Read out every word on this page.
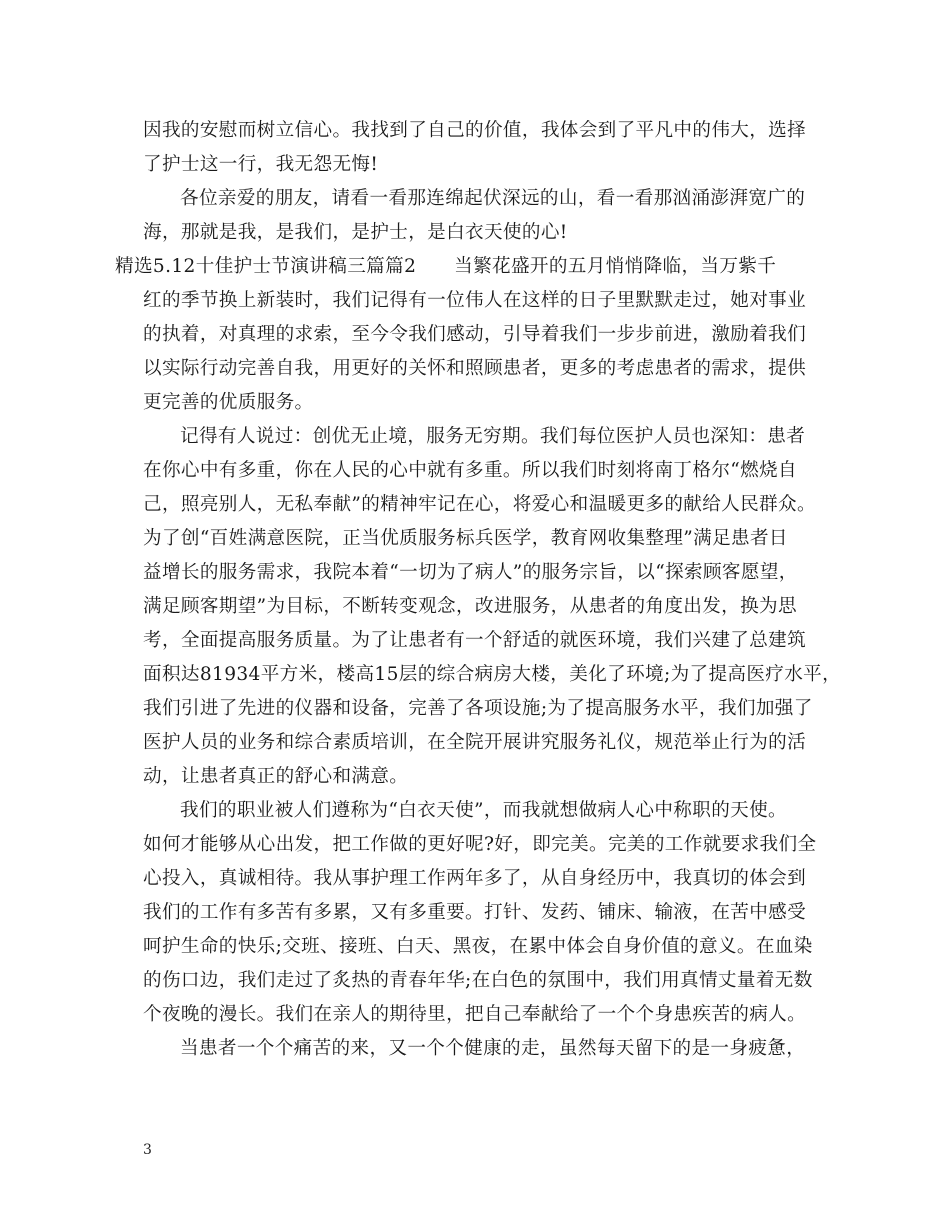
因我的安慰而树立信心。我找到了自己的价值，我体会到了平凡中的伟大，选择
了护士这一行，我无怨无悔!
各位亲爱的朋友，请看一看那连绵起伏深远的山，看一看那汹涌澎湃宽广的
海，那就是我，是我们，是护士，是白衣天使的心!
精选5.12十佳护士节演讲稿三篇篇2　　当繁花盛开的五月悄悄降临，当万紫千
红的季节换上新装时，我们记得有一位伟人在这样的日子里默默走过，她对事业
的执着，对真理的求索，至今令我们感动，引导着我们一步步前进，激励着我们
以实际行动完善自我，用更好的关怀和照顾患者，更多的考虑患者的需求，提供
更完善的优质服务。
记得有人说过：创优无止境，服务无穷期。我们每位医护人员也深知：患者
在你心中有多重，你在人民的心中就有多重。所以我们时刻将南丁格尔“燃烧自
己，照亮别人，无私奉献”的精神牢记在心，将爱心和温暖更多的献给人民群众。
为了创“百姓满意医院，正当优质服务标兵医学，教育网收集整理”满足患者日
益增长的服务需求，我院本着“一切为了病人”的服务宗旨，以“探索顾客愿望，
满足顾客期望”为目标，不断转变观念，改进服务，从患者的角度出发，换为思
考，全面提高服务质量。为了让患者有一个舒适的就医环境，我们兴建了总建筑
面积达81934平方米，楼高15层的综合病房大楼，美化了环境;为了提高医疗水平，
我们引进了先进的仪器和设备，完善了各项设施;为了提高服务水平，我们加强了
医护人员的业务和综合素质培训，在全院开展讲究服务礼仪，规范举止行为的活
动，让患者真正的舒心和满意。
我们的职业被人们遵称为“白衣天使”，而我就想做病人心中称职的天使。
如何才能够从心出发，把工作做的更好呢?好，即完美。完美的工作就要求我们全
心投入，真诚相待。我从事护理工作两年多了，从自身经历中，我真切的体会到
我们的工作有多苦有多累，又有多重要。打针、发药、铺床、输液，在苦中感受
呵护生命的快乐;交班、接班、白天、黑夜，在累中体会自身价值的意义。在血染
的伤口边，我们走过了炙热的青春年华;在白色的氛围中，我们用真情丈量着无数
个夜晚的漫长。我们在亲人的期待里，把自己奉献给了一个个身患疾苦的病人。
当患者一个个痛苦的来，又一个个健康的走，虽然每天留下的是一身疲惫，
3
